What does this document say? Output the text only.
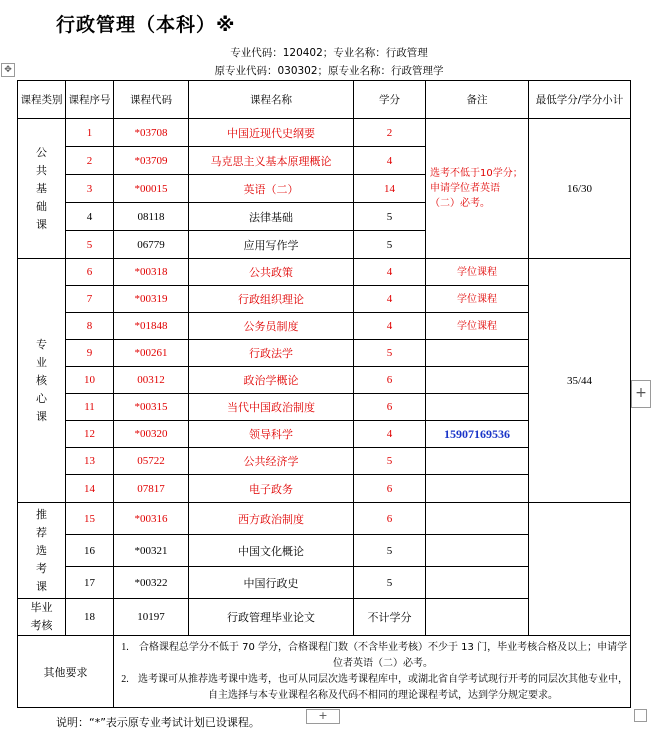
行政管理（本科）※
专业代码：120402；专业名称：行政管理
原专业代码：030302；原专业名称：行政管理学
✥
课程类别	课程序号	课程代码	课程名称	学分	备注	最低学分/学分小计
公共基础课	1	*03708	中国近现代史纲要	2	选考不低于10学分；申请学位者英语（二）必考。	16/30
	2	*03709	马克思主义基本原理概论	4		
	3	*00015	英语（二）	14		
	4	08118	法律基础	5		
	5	06779	应用写作学	5		
专业核心课	6	*00318	公共政策	4	学位课程	35/44
	7	*00319	行政组织理论	4	学位课程	
	8	*01848	公务员制度	4	学位课程	
	9	*00261	行政法学	5		
	10	00312	政治学概论	6		
	11	*00315	当代中国政治制度	6		
	12	*00320	领导科学	4	15907169536	
	13	05722	公共经济学	5		
	14	07817	电子政务	6		
推荐选考课	15	*00316	西方政治制度	6		
	16	*00321	中国文化概论	5		
	17	*00322	中国行政史	5		
毕业考核	18	10197	行政管理毕业论文	不计学分		
其他要求		1. 合格课程总学分不低于 70 学分，合格课程门数（不含毕业考核）不少于 13 门，毕业考核合格及以上；申请学位者英语（二）必考。
2. 选考课可从推荐选考课中选考，也可从同层次选考课程库中，或湖北省自学考试现行开考的同层次其他专业中，自主选择与本专业课程名称及代码不相同的理论课程考试，达到学分规定要求。				
+
说明：“*”表示原专业考试计划已设课程。
+
